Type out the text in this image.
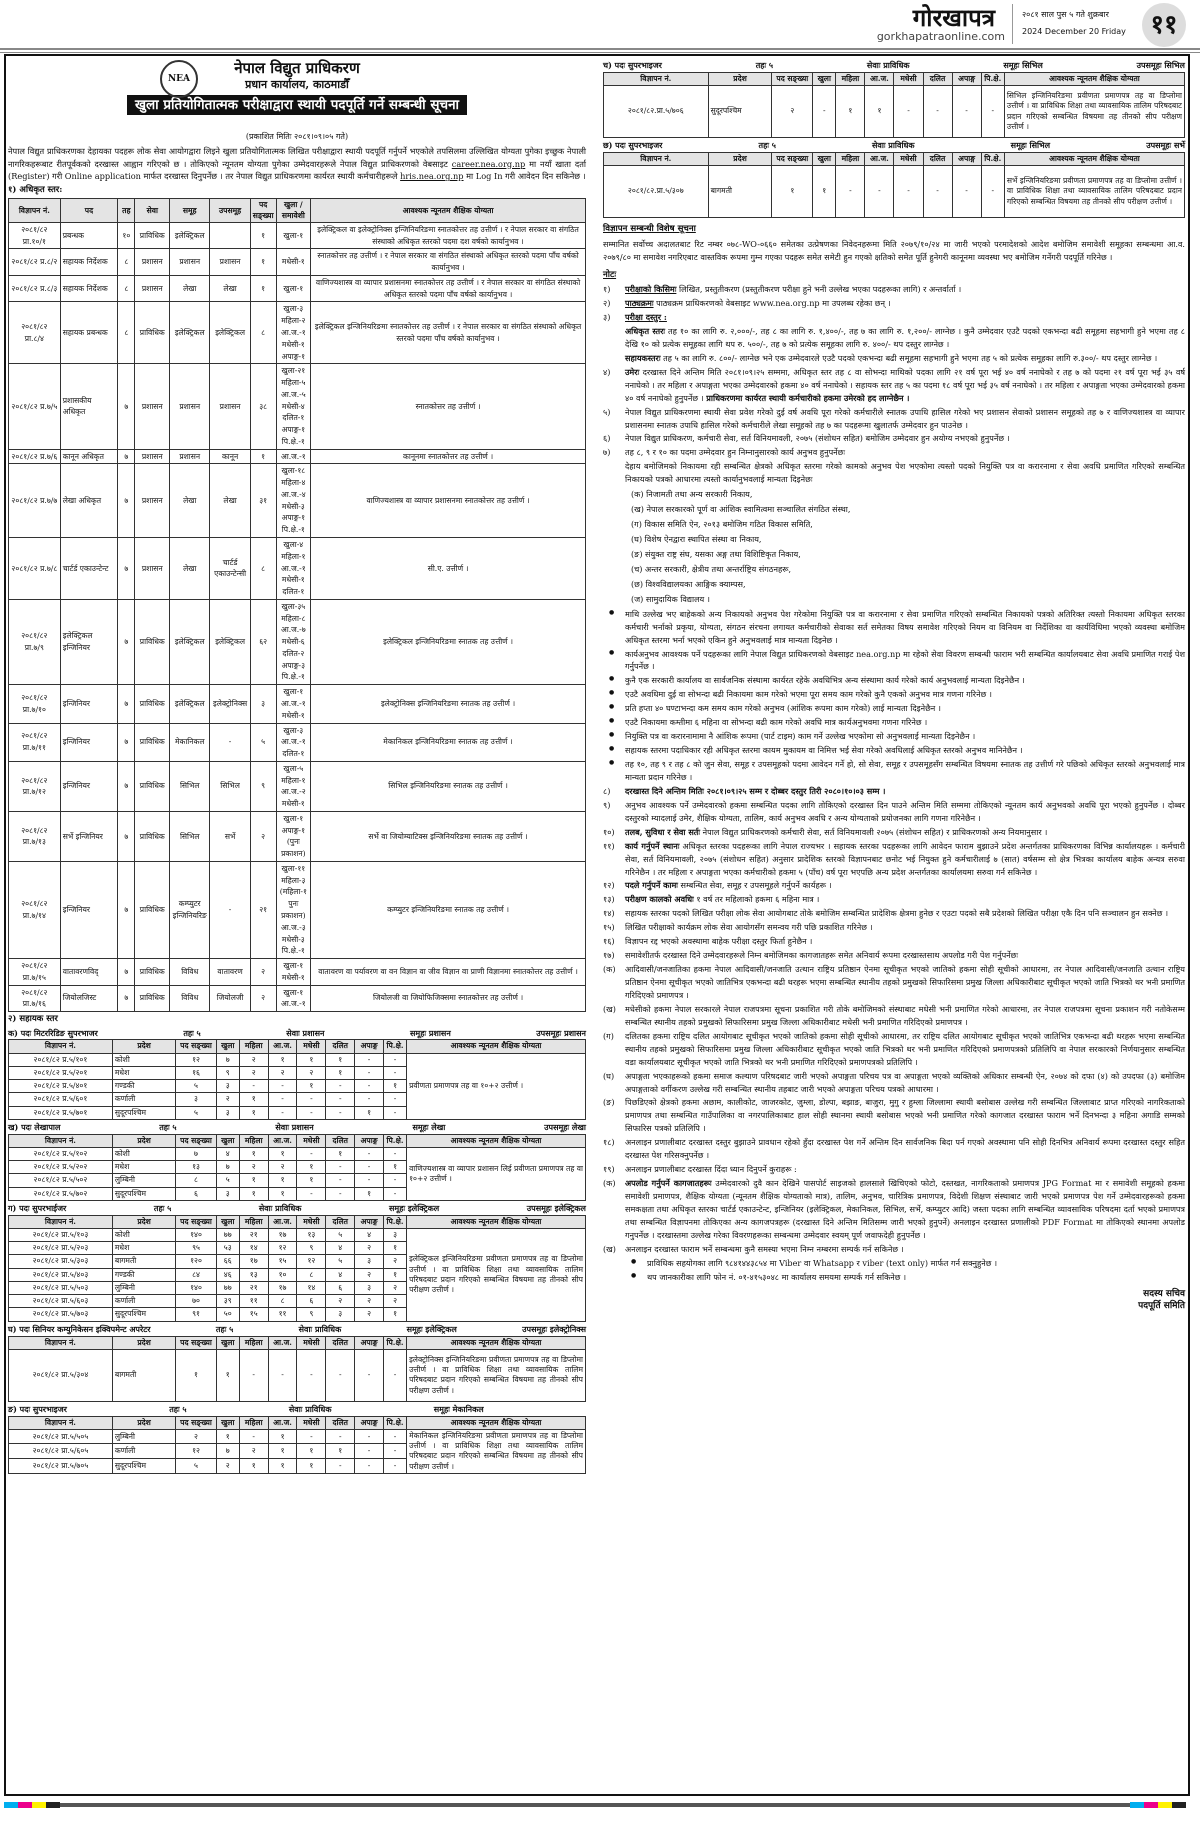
गोरखापत्र
gorkhapatraonline.com
२०८१ साल पुस ५ गते शुक्रबार
2024 December 20 Friday ११
NEA
नेपाल विद्युत प्राधिकरण
प्रधान कार्यालय, काठमाडौँ
खुला प्रतियोगितात्मक परीक्षाद्वारा स्थायी पदपूर्ति गर्ने सम्बन्धी सूचना
(प्रकाशित मितिः २०८१।०९।०५ गते)
नेपाल विद्युत प्राधिकरणका देहायका पदहरू लोक सेवा आयोगद्वारा लिइने खुला प्रतियोगितात्मक लिखित परीक्षाद्वारा स्थायी पदपूर्ति गर्नुपर्ने भएकोले तपसिलमा उल्लिखित योग्यता पुगेका इच्छुक नेपाली नागरिकहरूबाट रीतपूर्वकको दरखास्त आह्वान गरिएको छ । तोकिएको न्यूनतम योग्यता पुगेका उम्मेदवारहरूले नेपाल विद्युत प्राधिकरणको वेबसाइट career.nea.org.np मा नयाँ खाता दर्ता (Register) गरी Online application मार्फत दरखास्त दिनुपर्नेछ । तर नेपाल विद्युत प्राधिकरणमा कार्यरत स्थायी कर्मचारीहरूले hris.nea.org.np मा Log In गरी आवेदन दिन सकिनेछ ।
१) अधिकृत स्तर:
विज्ञापन नं.	पद	तह	सेवा	समूह	उपसमूह	पद सङ्ख्या	खुला / समावेशी	आवश्यक न्यूनतम शैक्षिक योग्यता
२०८१/८२ प्रा.१०/१	प्रबन्धक	१०	प्राविधिक	इलेक्ट्रिकल		१	खुला-१	इलेक्ट्रिकल वा इलेक्ट्रोनिक्स इन्जिनियरिङमा स्नातकोत्तर तह उत्तीर्ण । र नेपाल सरकार वा संगठित संस्थाको अधिकृत स्तरको पदमा दश वर्षको कार्यानुभव ।
२०८१/८२ प्र.८/२	सहायक निर्देशक	८	प्रशासन	प्रशासन	प्रशासन	१	मधेसी-१	स्नातकोत्तर तह उत्तीर्ण । र नेपाल सरकार वा संगठित संस्थाको अधिकृत स्तरको पदमा पाँच वर्षको कार्यानुभव ।
२०८१/८२ प्र.८/३	सहायक निर्देशक	८	प्रशासन	लेखा	लेखा	१	खुला-१	वाणिज्यशास्त्र वा व्यापार प्रशासनमा स्नातकोत्तर तह उत्तीर्ण । र नेपाल सरकार वा संगठित संस्थाको अधिकृत स्तरको पदमा पाँच वर्षको कार्यानुभव ।
२०८१/८२ प्रा.८/४	सहायक प्रबन्धक	८	प्राविधिक	इलेक्ट्रिकल	इलेक्ट्रिकल	८	खुला-३ महिला-२ आ.ज.-१ मधेसी-१ अपाङ्ग-१	इलेक्ट्रिकल इन्जिनियरिङमा स्नातकोत्तर तह उत्तीर्ण । र नेपाल सरकार वा संगठित संस्थाको अधिकृत स्तरको पदमा पाँच वर्षको कार्यानुभव ।
२०८१/८२ प्र.७/५	प्रशासकीय अधिकृत	७	प्रशासन	प्रशासन	प्रशासन	३८	खुला-२१ महिला-५ आ.ज.-५ मधेसी-४ दलित-१ अपाङ्ग-१ पि.क्षे.-१	स्नातकोत्तर तह उत्तीर्ण ।
२०८१/८२ प्र.७/६	कानून अधिकृत	७	प्रशासन	प्रशासन	कानून	१	आ.ज.-१	कानूनमा स्नातकोत्तर तह उत्तीर्ण ।
२०८१/८२ प्र.७/७	लेखा अधिकृत	७	प्रशासन	लेखा	लेखा	३१	खुला-१८ महिला-४ आ.ज.-४ मधेसी-३ अपाङ्ग-१ पि.क्षे.-१	वाणिज्यशास्त्र वा व्यापार प्रशासनमा स्नातकोत्तर तह उत्तीर्ण ।
२०८१/८२ प्र.७/८	चार्टर्ड एकाउन्टेन्ट	७	प्रशासन	लेखा	चार्टर्ड एकाउन्टेन्सी	८	खुला-४ महिला-१ आ.ज.-१ मधेसी-१ दलित-१	सी.ए. उत्तीर्ण ।
२०८१/८२ प्रा.७/९	इलेक्ट्रिकल इन्जिनियर	७	प्राविधिक	इलेक्ट्रिकल	इलेक्ट्रिकल	६२	खुला-३५ महिला-८ आ.ज.-७ मधेसी-६ दलित-२ अपाङ्ग-३ पि.क्षे.-१	इलेक्ट्रिकल इन्जिनियरिङमा स्नातक तह उत्तीर्ण ।
२०८१/८२ प्रा.७/१०	इन्जिनियर	७	प्राविधिक	इलेक्ट्रिकल	इलेक्ट्रोनिक्स	३	खुला-१ आ.ज.-१ मधेसी-१	इलेक्ट्रोनिक्स इन्जिनियरिङमा स्नातक तह उत्तीर्ण ।
२०८१/८२ प्रा.७/११	इन्जिनियर	७	प्राविधिक	मेकानिकल	-	५	खुला-३ आ.ज.-१ दलित-१	मेकानिकल इन्जिनियरिङमा स्नातक तह उत्तीर्ण ।
२०८१/८२ प्रा.७/१२	इन्जिनियर	७	प्राविधिक	सिभिल	सिभिल	९	खुला-५ महिला-१ आ.ज.-२ मधेसी-१	सिभिल इन्जिनियरिङमा स्नातक तह उत्तीर्ण ।
२०८१/८२ प्रा.७/१३	सर्भे इन्जिनियर	७	प्राविधिक	सिभिल	सर्भे	२	खुला-१ अपाङ्ग-१ (पुनः प्रकाशन)	सर्भे वा जियोम्याटिक्स इन्जिनियरिङमा स्नातक तह उत्तीर्ण ।
२०८१/८२ प्रा.७/१४	इन्जिनियर	७	प्राविधिक	कम्प्युटर इन्जिनियरिङ	-	२१	खुला-११ महिला-३ (महिला-१ पुनः प्रकाशन) आ.ज.-३ मधेसी-३ पि.क्षे.-१	कम्प्युटर इन्जिनियरिङमा स्नातक तह उत्तीर्ण ।
२०८१/८२ प्रा.७/१५	वातावरणविद्	७	प्राविधिक	विविध	वातावरण	२	खुला-१ मधेसी-१	वातावरण वा पर्यावरण वा वन विज्ञान वा जीव विज्ञान वा प्राणी विज्ञानमा स्नातकोत्तर तह उत्तीर्ण ।
२०८१/८२ प्रा.७/१६	जियोलजिस्ट	७	प्राविधिक	विविध	जियोलजी	२	खुला-१ आ.ज.-१	जियोलजी वा जियोफिजिक्समा स्नातकोत्तर तह उत्तीर्ण ।
२) सहायक स्तर
क) पदः मिटररिडिङ सुपरभाजर	तहः ५	सेवाः प्रशासन	समूहः प्रशासन	उपसमूहः प्रशासन
विज्ञापन नं.	प्रदेश	पद सङ्ख्या	खुला	महिला	आ.ज.	मधेसी	दलित	अपाङ्ग	पि.क्षे.	आवश्यक न्यूनतम शैक्षिक योग्यता
२०८१/८२ प्र.५/१०१	कोशी	१२	७	२	१	१	१	-	-	प्रवीणता प्रमाणपत्र तह वा १०+२ उत्तीर्ण ।
२०८१/८२ प्र.५/२०१	मधेश	१६	९	२	२	२	१	-	-	
२०८१/८२ प्र.५/४०१	गण्डकी	५	३	-	-	१	-	-	१	
२०८१/८२ प्र.५/६०१	कर्णाली	३	२	१	-	-	-	-	-	
२०८१/८२ प्र.५/७०१	सुदूरपश्चिम	५	३	१	-	-	-	१	-	
ख) पदः लेखापाल	तहः ५	सेवाः प्रशासन	समूहः लेखा	उपसमूहः लेखा
विज्ञापन नं.	प्रदेश	पद सङ्ख्या	खुला	महिला	आ.ज.	मधेसी	दलित	अपाङ्ग	पि.क्षे.	आवश्यक न्यूनतम शैक्षिक योग्यता
२०८१/८२ प्र.५/१०२	कोशी	७	४	१	१	-	१	-	-	वाणिज्यशास्त्र वा व्यापार प्रशासन लिई प्रवीणता प्रमाणपत्र तह वा १०+२ उत्तीर्ण ।
२०८१/८२ प्र.५/२०२	मधेश	१३	७	२	२	१	-	-	१	
२०८१/८२ प्र.५/५०२	लुम्बिनी	८	५	१	१	१	-	-	-	
२०८१/८२ प्र.५/७०२	सुदूरपश्चिम	६	३	१	१	-	-	१	-	
ग) पदः सुपरभाईजर	तहः ५	सेवाः प्राविधिक	समूहः इलेक्ट्रिकल	उपसमूहः इलेक्ट्रिकल
विज्ञापन नं.	प्रदेश	पद सङ्ख्या	खुला	महिला	आ.ज.	मधेसी	दलित	अपाङ्ग	पि.क्षे.	आवश्यक न्यूनतम शैक्षिक योग्यता
२०८१/८२ प्रा.५/१०३	कोशी	१४०	७७	२१	१७	१३	५	४	३	इलेक्ट्रिकल इन्जिनियरिङमा प्रवीणता प्रमाणपत्र तह वा डिप्लोमा उत्तीर्ण । वा प्राविधिक शिक्षा तथा व्यावसायिक तालिम परिषदबाट प्रदान गरिएको सम्बन्धित विषयमा तह तीनको सीप परीक्षण उत्तीर्ण ।
२०८१/८२ प्रा.५/२०३	मधेश	९५	५३	१४	१२	९	४	२	१	
२०८१/८२ प्रा.५/३०३	बागमती	१२०	६६	१७	१५	१२	५	३	२	
२०८१/८२ प्रा.५/४०३	गण्डकी	८४	४६	१३	१०	८	४	२	१	
२०८१/८२ प्रा.५/५०३	लुम्बिनी	१४०	७७	२१	१७	१४	६	३	२	
२०८१/८२ प्रा.५/६०३	कर्णाली	७०	३९	११	८	६	२	२	२	
२०८१/८२ प्रा.५/७०३	सुदूरपश्चिम	९१	५०	१५	११	९	३	२	१	
घ) पदः सिनियर कम्युनिकेसन इक्विपमेन्ट अपरेटर	तहः ५	सेवाः प्राविधिक	समूहः इलेक्ट्रिकल	उपसमूहः इलेक्ट्रोनिक्स
विज्ञापन नं.	प्रदेश	पद सङ्ख्या	खुला	महिला	आ.ज.	मधेसी	दलित	अपाङ्ग	पि.क्षे.	आवश्यक न्यूनतम शैक्षिक योग्यता
२०८१/८२ प्रा.५/३०४	बागमती	१	१	-	-	-	-	-	-	इलेक्ट्रोनिक्स इन्जिनियरिङमा प्रवीणता प्रमाणपत्र तह वा डिप्लोमा उत्तीर्ण । वा प्राविधिक शिक्षा तथा व्यावसायिक तालिम परिषदबाट प्रदान गरिएको सम्बन्धित विषयमा तह तीनको सीप परीक्षण उत्तीर्ण ।
ङ) पदः सुपरभाइजर	तहः ५	सेवाः प्राविधिक	समूहः मेकानिकल
विज्ञापन नं.	प्रदेश	पद सङ्ख्या	खुला	महिला	आ.ज.	मधेसी	दलित	अपाङ्ग	पि.क्षे.	आवश्यक न्यूनतम शैक्षिक योग्यता
२०८१/८२ प्रा.५/५०५	लुम्बिनी	२	१	-	१	-	-	-	-	मेकानिकल इन्जिनियरिङमा प्रवीणता प्रमाणपत्र तह वा डिप्लोमा उत्तीर्ण । वा प्राविधिक शिक्षा तथा व्यावसायिक तालिम परिषदबाट प्रदान गरिएको सम्बन्धित विषयमा तह तीनको सीप परीक्षण उत्तीर्ण ।
२०८१/८२ प्रा.५/६०५	कर्णाली	१२	७	२	१	१	१	-	-	
२०८१/८२ प्रा.५/७०५	सुदूरपश्चिम	५	२	१	१	१	-	-	-	
च) पदः सुपरभाइजर	तहः ५	सेवाः प्राविधिक	समूहः सिभिल	उपसमूहः सिभिल
विज्ञापन नं.	प्रदेश	पद सङ्ख्या	खुला	महिला	आ.ज.	मधेसी	दलित	अपाङ्ग	पि.क्षे.	आवश्यक न्यूनतम शैक्षिक योग्यता
२०८१/८२.प्रा.५/७०६	सुदूरपश्चिम	२	-	१	१	-	-	-	-	सिभिल इन्जिनियरिङमा प्रवीणता प्रमाणपत्र तह वा डिप्लोमा उत्तीर्ण । वा प्राविधिक शिक्षा तथा व्यावसायिक तालिम परिषदबाट प्रदान गरिएको सम्बन्धित विषयमा तह तीनको सीप परीक्षण उत्तीर्ण ।
छ) पदः सुपरभाइजर	तहः ५	सेवाः प्राविधिक	समूहः सिभिल	उपसमूहः सर्भे
विज्ञापन नं.	प्रदेश	पद सङ्ख्या	खुला	महिला	आ.ज.	मधेसी	दलित	अपाङ्ग	पि.क्षे.	आवश्यक न्यूनतम शैक्षिक योग्यता
२०८१/८२.प्रा.५/३०७	बागमती	१	१	-	-	-	-	-	-	सर्भे इन्जिनियरिङमा प्रवीणता प्रमाणपत्र तह वा डिप्लोमा उत्तीर्ण । वा प्राविधिक शिक्षा तथा व्यावसायिक तालिम परिषदबाट प्रदान गरिएको सम्बन्धित विषयमा तह तीनको सीप परीक्षण उत्तीर्ण ।
विज्ञापन सम्बन्धी विशेष सूचना
सम्मानित सर्वोच्च अदालतबाट रिट नम्बर ०७८-WO-०६६० समेतका उत्प्रेषणका निवेदनहरूमा मिति २०७९/१०/२४ मा जारी भएको परमादेशको आदेश बमोजिम समावेशी समूहका सम्बन्धमा आ.व. २०७९/८० मा समावेश नगरिएबाट वास्तविक रूपमा गुम्न गएका पदहरू समेत समेटी हुन गएको क्षतिको समेत पूर्ति हुनेगरी कानूनमा व्यवस्था भए बमोजिम गर्नेगरी पदपूर्ति गरिनेछ ।
नोटः
१)	परीक्षाको किसिमः लिखित, प्रस्तुतीकरण (प्रस्तुतीकरण परीक्षा हुने भनी उल्लेख भएका पदहरूका लागि) र अन्तर्वार्ता ।
२)	पाठ्यक्रमः पाठ्यक्रम प्राधिकरणको वेबसाइट www.nea.org.np मा उपलब्ध रहेका छन् ।
३)	परीक्षा दस्तुर :
अधिकृत स्तरः तह १० का लागि रु. २,०००/-, तह ८ का लागि रु. १,४००/-, तह ७ का लागि रु. १,२००/- लाग्नेछ । कुनै उम्मेदवार एउटै पदको एकभन्दा बढी समूहमा सहभागी हुने भएमा तह ८ देखि १० को प्रत्येक समूहका लागि थप रु. ५००/-, तह ७ को प्रत्येक समूहका लागि रु. ४००/- थप दस्तुर लाग्नेछ ।
सहायकस्तरः तह ५ का लागि रु. ८००/- लाग्नेछ भने एक उम्मेदवारले एउटै पदको एकभन्दा बढी समूहमा सहभागी हुने भएमा तह ५ को प्रत्येक समूहका लागि रु.३००/- थप दस्तुर लाग्नेछ ।
४)	उमेरः दरखास्त दिने अन्तिम मिति २०८१।०९।२५ सम्ममा, अधिकृत स्तर तह ८ वा सोभन्दा माथिको पदका लागि २१ वर्ष पूरा भई ४० वर्ष ननाघेको र तह ७ को पदमा २१ वर्ष पूरा भई ३५ वर्ष ननाघेको । तर महिला र अपाङ्गता भएका उम्मेदवारको हकमा ४० वर्ष ननाघेको । सहायक स्तर तह ५ का पदमा १८ वर्ष पूरा भई ३५ वर्ष ननाघेको । तर महिला र अपाङ्गता भएका उम्मेदवारको हकमा ४० वर्ष ननाघेको हुनुपर्नेछ । प्राधिकरणमा कार्यरत स्थायी कर्मचारीको हकमा उमेरको हद लाग्नेछैन ।
५)	नेपाल विद्युत प्राधिकरणमा स्थायी सेवा प्रवेश गरेको दुई वर्ष अवधि पूरा गरेको कर्मचारीले स्नातक उपाधि हासिल गरेको भए प्रशासन सेवाको प्रशासन समूहको तह ७ र वाणिज्यशास्त्र वा व्यापार प्रशासनमा स्नातक उपाधि हासिल गरेको कर्मचारीले लेखा समूहको तह ७ का पदहरूमा खुलातर्फ उम्मेदवार हुन पाउनेछ ।
६)	नेपाल विद्युत प्राधिकरण, कर्मचारी सेवा, सर्त विनियमावली, २०७५ (संशोधन सहित) बमोजिम उम्मेदवार हुन अयोग्य नभएको हुनुपर्नेछ ।
७)	तह ८, ९ र १० का पदमा उम्मेदवार हुन निम्नानुसारको कार्य अनुभव हुनुपर्नेछः
देहाय बमोजिमको निकायमा रही सम्बन्धित क्षेत्रको अधिकृत स्तरमा गरेको कामको अनुभव पेश भएकोमा त्यस्तो पदको नियुक्ति पत्र वा करारनामा र सेवा अवधि प्रमाणित गरिएको सम्बन्धित निकायको पत्रको आधारमा त्यस्तो कार्यानुभवलाई मान्यता दिइनेछः
(क) निजामती तथा अन्य सरकारी निकाय,
(ख) नेपाल सरकारको पूर्ण वा आंशिक स्वामित्वमा सञ्चालित संगठित संस्था,
(ग) विकास समिति ऐन, २०१३ बमोजिम गठित विकास समिति,
(घ) विशेष ऐनद्वारा स्थापित संस्था वा निकाय,
(ङ) संयुक्त राष्ट्र संघ, यसका अङ्ग तथा विशिष्टिकृत निकाय,
(च) अन्तर सरकारी, क्षेत्रीय तथा अन्तर्राष्ट्रिय संगठनहरू,
(छ) विश्वविद्यालयका आङ्गिक क्याम्पस,
(ज) सामुदायिक विद्यालय ।
●	माथि उल्लेख भए बाहेकको अन्य निकायको अनुभव पेश गरेकोमा नियुक्ति पत्र वा करारनामा र सेवा प्रमाणित गरिएको सम्बन्धित निकायको पत्रको अतिरिक्त त्यस्तो निकायमा अधिकृत स्तरका कर्मचारी भर्नाको प्रकृया, योग्यता, संगठन संरचना लगायत कर्मचारीको सेवाका सर्त समेतका विषय समावेश गरिएको नियम वा विनियम वा निर्देशिका वा कार्यविधिमा भएको व्यवस्था बमोजिम अधिकृत स्तरमा भर्ना भएको एकिन हुने अनुभवलाई मात्र मान्यता दिइनेछ ।
●	कार्यअनुभव आवश्यक पर्ने पदहरूका लागि नेपाल विद्युत प्राधिकरणको वेबसाइट nea.org.np मा रहेको सेवा विवरण सम्बन्धी फाराम भरी सम्बन्धित कार्यालयबाट सेवा अवधि प्रमाणित गराई पेश गर्नुपर्नेछ ।
●	कुनै एक सरकारी कार्यालय वा सार्वजनिक संस्थामा कार्यरत रहेके अवधिभित्र अन्य संस्थामा कार्य गरेको कार्य अनुभवलाई मान्यता दिइनेछैन ।
●	एउटै अवधिमा दुई वा सोभन्दा बढी निकायमा काम गरेको भएमा पूरा समय काम गरेको कुनै एकको अनुभव मात्र गणना गरिनेछ ।
●	प्रति हप्ता ४० घण्टाभन्दा कम समय काम गरेको अनुभव (आंशिक रूपमा काम गरेको) लाई मान्यता दिइनेछैन ।
●	एउटै निकायमा कम्तीमा ६ महिना वा सोभन्दा बढी काम गरेको अवधि मात्र कार्यअनुभवमा गणना गरिनेछ ।
●	नियुक्ति पत्र वा करारनामामा नै आंशिक रूपमा (पार्ट टाइम) काम गर्ने उल्लेख भएकोमा सो अनुभवलाई मान्यता दिइनेछैन ।
●	सहायक स्तरमा पदाधिकार रही अधिकृत स्तरमा कायम मुकायम वा निमित्त भई सेवा गरेको अवधिलाई अधिकृत स्तरको अनुभव मानिनेछैन ।
●	तह १०, तह ९ र तह ८ को जुन सेवा, समूह र उपसमूहको पदमा आवेदन गर्ने हो, सो सेवा, समूह र उपसमूहसँग सम्बन्धित विषयमा स्नातक तह उत्तीर्ण गरे पछिको अधिकृत स्तरको अनुभवलाई मात्र मान्यता प्रदान गरिनेछ ।
८)	दरखास्त दिने अन्तिम मितिः २०८१।०९।२५ सम्म र दोब्बर दस्तुर तिरी २०८०।१०।०३ सम्म ।
९)	अनुभव आवश्यक पर्ने उम्मेदवारको हकमा सम्बन्धित पदका लागि तोकिएको दरखास्त दिन पाउने अन्तिम मिति सम्ममा तोकिएको न्यूनतम कार्य अनुभवको अवधि पूरा भएको हुनुपर्नेछ । दोब्बर दस्तुरको म्यादलाई उमेर, शैक्षिक योग्यता, तालिम, कार्य अनुभव अवधि र अन्य योग्यताको प्रयोजनका लागि गणना गरिनेछैन ।
१०)	तलब, सुविधा र सेवा सर्तः नेपाल विद्युत प्राधिकरणको कर्मचारी सेवा, सर्त विनियमावली २०७५ (संशोधन सहित) र प्राधिकरणको अन्य नियमानुसार ।
११)	कार्य गर्नुपर्ने स्थानः अधिकृत स्तरका पदहरूका लागि नेपाल राज्यभर । सहायक स्तरका पदहरूका लागि आवेदन फाराम बुझाउने प्रदेश अन्तर्गतका प्राधिकरणका विभिन्न कार्यालयहरू । कर्मचारी सेवा, सर्त विनियमावली, २०७५ (संशोधन सहित) अनुसार प्रादेशिक स्तरको विज्ञापनबाट छनोट भई नियुक्त हुने कर्मचारीलाई ७ (सात) वर्षसम्म सो क्षेत्र भित्रका कार्यालय बाहेक अन्यत्र सरुवा गरिनेछैन । तर महिला र अपाङ्गता भएका कर्मचारीको हकमा ५ (पाँच) वर्ष पूरा भएपछि अन्य प्रदेश अन्तर्गतका कार्यालयमा सरुवा गर्न सकिनेछ ।
१२)	पदले गर्नुपर्ने कामः सम्बन्धित सेवा, समूह र उपसमूहले गर्नुपर्ने कार्यहरू ।
१३)	परीक्षण कालको अवधिः १ वर्ष तर महिलाको हकमा ६ महिना मात्र ।
१४)	सहायक स्तरका पदको लिखित परीक्षा लोक सेवा आयोगबाट तोके बमोजिम सम्बन्धित प्रादेशिक क्षेत्रमा हुनेछ र एउटा पदको सबै प्रदेशको लिखित परीक्षा एकै दिन पनि सञ्चालन हुन सक्नेछ ।
१५)	लिखित परीक्षाको कार्यक्रम लोक सेवा आयोगसँग समन्वय गरी पछि प्रकाशित गरिनेछ ।
१६)	विज्ञापन रद्द भएको अवस्थामा बाहेक परीक्षा दस्तुर फिर्ता हुनेछैन ।
१७)	समावेशीतर्फ दरखास्त दिने उम्मेदवारहरूले निम्न बमोजिमका कागजातहरू समेत अनिवार्य रूपमा दरखास्तसाथ अपलोड गरी पेश गर्नुपर्नेछः
(क)	आदिवासी/जनजातिका हकमा नेपाल आदिवासी/जनजाति उत्थान राष्ट्रिय प्रतिष्ठान ऐनमा सूचीकृत भएको जातिको हकमा सोही सूचीको आधारमा, तर नेपाल आदिवासी/जनजाति उत्थान राष्ट्रिय प्रतिष्ठान ऐनमा सूचीकृत भएको जातिभित्र एकभन्दा बढी थरहरू भएमा सम्बन्धित स्थानीय तहको प्रमुखको सिफारिसमा प्रमुख जिल्ला अधिकारीबाट सूचीकृत भएको जाति भित्रको थर भनी प्रमाणित गरिदिएको प्रमाणपत्र ।
(ख)	मधेसीको हकमा नेपाल सरकारले नेपाल राजपत्रमा सूचना प्रकाशित गरी तोके बमोजिमको संस्थाबाट मधेसी भनी प्रमाणित गरेको आधारमा, तर नेपाल राजपत्रमा सूचना प्रकाशन गरी नतोकेसम्म सम्बन्धित स्थानीय तहको प्रमुखको सिफारिसमा प्रमुख जिल्ला अधिकारीबाट मधेसी भनी प्रमाणित गरिदिएको प्रमाणपत्र ।
(ग)	दलितका हकमा राष्ट्रिय दलित आयोगबाट सूचीकृत भएको जातिको हकमा सोही सूचीको आधारमा, तर राष्ट्रिय दलित आयोगबाट सूचीकृत भएको जातिभित्र एकभन्दा बढी थरहरू भएमा सम्बन्धित स्थानीय तहको प्रमुखको सिफारिसमा प्रमुख जिल्ला अधिकारीबाट सूचीकृत भएको जाति भित्रको थर भनी प्रमाणित गरिदिएको प्रमाणपत्रको प्रतिलिपि वा नेपाल सरकारको निर्णयानुसार सम्बन्धित वडा कार्यालयबाट सूचीकृत भएको जाति भित्रको थर भनी प्रमाणित गरिदिएको प्रमाणपत्रको प्रतिलिपि ।
(घ)	अपाङ्गता भएकाहरूको हकमा समाज कल्याण परिषदबाट जारी भएको अपाङ्गता परिचय पत्र वा अपाङ्गता भएको व्यक्तिको अधिकार सम्बन्धी ऐन, २०७४ को दफा (४) को उपदफा (३) बमोजिम अपाङ्गताको वर्गीकरण उल्लेख गरी सम्बन्धित स्थानीय तहबाट जारी भएको अपाङ्गता परिचय पत्रको आधारमा ।
(ङ)	पिछडिएको क्षेत्रको हकमा अछाम, कालीकोट, जाजरकोट, जुम्ला, डोल्पा, बझाङ, बाजुरा, मुगु र हुम्ला जिल्लामा स्थायी बसोबास उल्लेख गरी सम्बन्धित जिल्लाबाट प्राप्त गरिएको नागरिकताको प्रमाणपत्र तथा सम्बन्धित गाउँपालिका वा नगरपालिकाबाट हाल सोही स्थानमा स्थायी बसोबास भएको भनी प्रमाणित गरेको कागजात दरखास्त फाराम भर्ने दिनभन्दा ३ महिना अगाडि सम्मको सिफारिस पत्रको प्रतिलिपि ।
१८)	अनलाइन प्रणालीबाट दरखास्त दस्तुर बुझाउने प्रावधान रहेको हुँदा दरखास्त पेश गर्ने अन्तिम दिन सार्वजनिक बिदा पर्न गएको अवस्थामा पनि सोही दिनभित्र अनिवार्य रूपमा दरखास्त दस्तुर सहित दरखास्त पेश गरिसक्नुपर्नेछ ।
१९)	अनलाइन प्रणालीबाट दरखास्त दिंदा ध्यान दिनुपर्ने कुराहरू :
(क)	अपलोड गर्नुपर्ने कागजातहरूः उम्मेदवारको दुवै कान देखिने पासपोर्ट साइजको हालसाले खिचिएको फोटो, दस्तखत, नागरिकताको प्रमाणपत्र JPG Format मा र समावेशी समूहको हकमा समावेशी प्रमाणपत्र, शैक्षिक योग्यता (न्यूनतम शैक्षिक योग्यताको मात्र), तालिम, अनुभव, चारित्रिक प्रमाणपत्र, विदेशी शिक्षण संस्थाबाट जारी भएको प्रमाणपत्र पेश गर्ने उम्मेदवारहरूको हकमा समकक्षता तथा अधिकृत स्तरका चार्टर्ड एकाउन्टेन्ट, इन्जिनियर (इलेक्ट्रिकल, मेकानिकल, सिभिल, सर्भे, कम्प्युटर आदि) जस्ता पदका लागि सम्बन्धित व्यावसायिक परिषदमा दर्ता भएको प्रमाणपत्र तथा सम्बन्धित विज्ञापनमा तोकिएका अन्य कागजपत्रहरू (दरखास्त दिने अन्तिम मितिसम्म जारी भएको हुनुपर्ने) अनलाइन दरखास्त प्रणालीको PDF Format मा तोकिएको स्थानमा अपलोड गनुपर्नेछ । दरखास्तमा उल्लेख गरेका विवरणहरूका सम्बन्धमा उम्मेदवार स्वयम् पूर्ण जवाफदेही हुनुपर्नेछ ।
(ख)	अनलाइन दरखास्त फाराम भर्ने सम्बन्धमा कुनै समस्या भएमा निम्न नम्बरमा सम्पर्क गर्न सकिनेछ ।
●	प्राविधिक सहयोगका लागि ९८४१४४३८५४ मा Viber वा Whatsapp र viber (text only) मार्फत गर्न सक्नुहुनेछ ।
●	थप जानकारीका लागि फोन नं. ०१-४१५३०४८ मा कार्यालय समयमा सम्पर्क गर्न सकिनेछ ।
सदस्य सचिव
पदपूर्ति समिति
